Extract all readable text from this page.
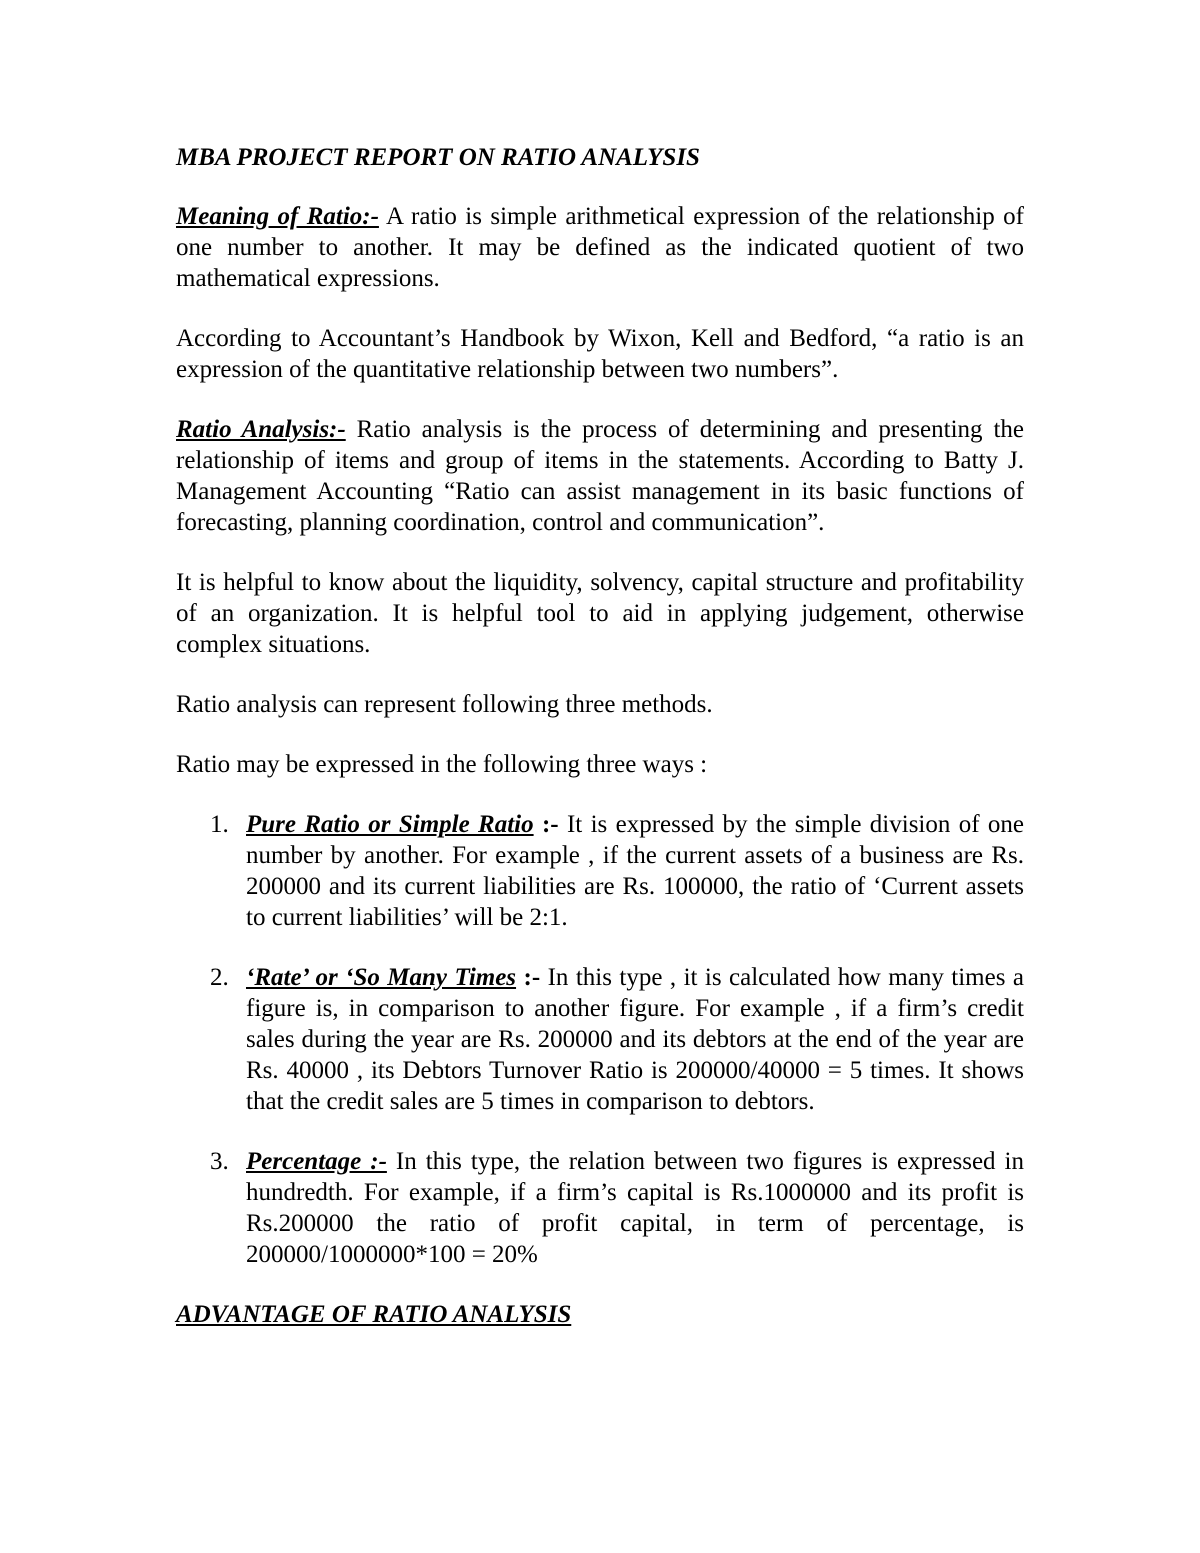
MBA PROJECT REPORT ON RATIO ANALYSIS

Meaning of Ratio:- A ratio is simple arithmetical expression of the relationship of one number to another. It may be defined as the indicated quotient of two mathematical expressions.

According to Accountant’s Handbook by Wixon, Kell and Bedford, “a ratio is an expression of the quantitative relationship between two numbers”.

Ratio Analysis:- Ratio analysis is the process of determining and presenting the relationship of items and group of items in the statements. According to Batty J. Management Accounting “Ratio can assist management in its basic functions of forecasting, planning coordination, control and communication”.

It is helpful to know about the liquidity, solvency, capital structure and profitability of an organization. It is helpful tool to aid in applying judgement, otherwise complex situations.

Ratio analysis can represent following three methods.

Ratio may be expressed in the following three ways :

1. Pure Ratio or Simple Ratio :- It is expressed by the simple division of one number by another. For example , if the current assets of a business are Rs. 200000 and its current liabilities are Rs. 100000, the ratio of ‘Current assets to current liabilities’ will be 2:1.
2. ‘Rate’ or ‘So Many Times :- In this type , it is calculated how many times a figure is, in comparison to another figure. For example , if a firm’s credit sales during the year are Rs. 200000 and its debtors at the end of the year are Rs. 40000 , its Debtors Turnover Ratio is 200000/40000 = 5 times. It shows that the credit sales are 5 times in comparison to debtors.
3. Percentage :- In this type, the relation between two figures is expressed in hundredth. For example, if a firm’s capital is Rs.1000000 and its profit is Rs.200000 the ratio of profit capital, in term of percentage, is 200000/1000000*100 = 20%
ADVANTAGE OF RATIO ANALYSIS
